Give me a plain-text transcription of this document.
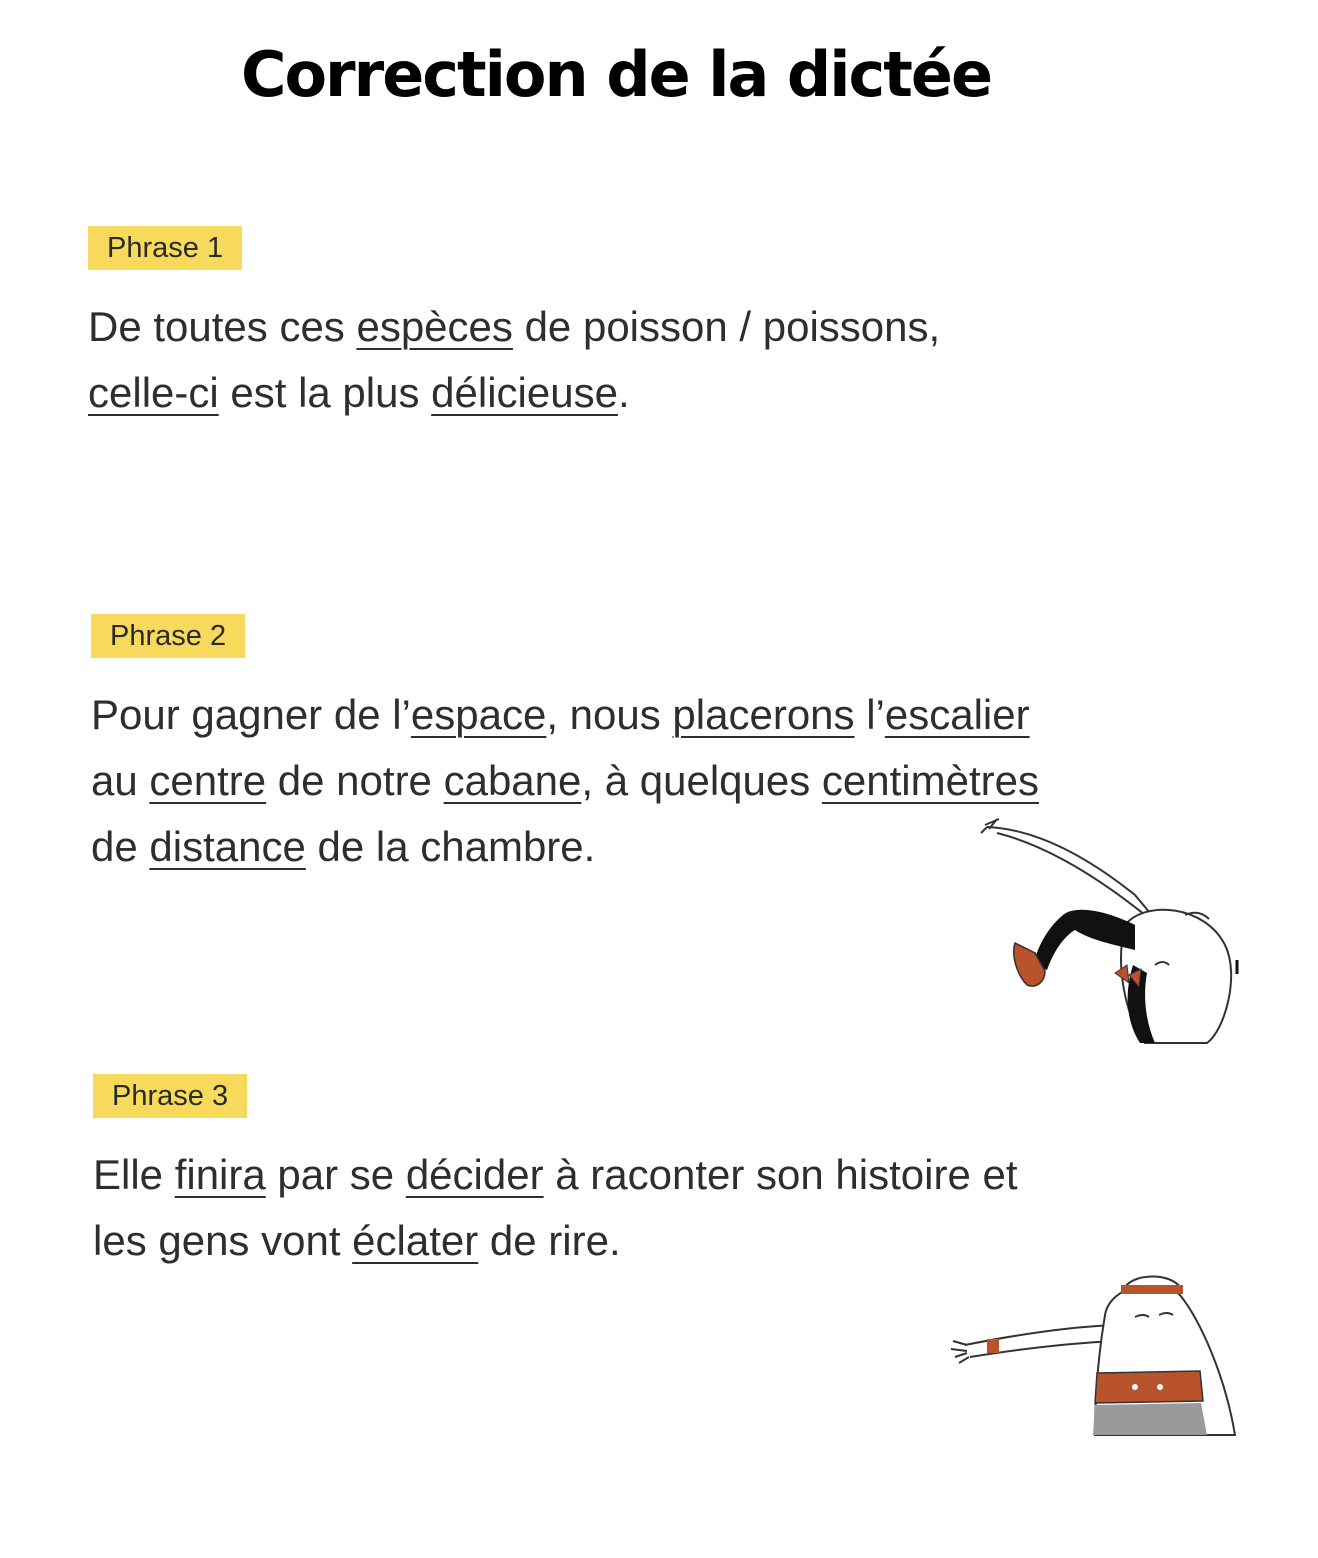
Correction de la dictée
Phrase 1
De toutes ces espèces de poisson / poissons,
celle-ci est la plus délicieuse.
Phrase 2
Pour gagner de l’espace, nous placerons l’escalier
au centre de notre cabane, à quelques centimètres
de distance de la chambre.
Phrase 3
Elle finira par se décider à raconter son histoire et
les gens vont éclater de rire.
